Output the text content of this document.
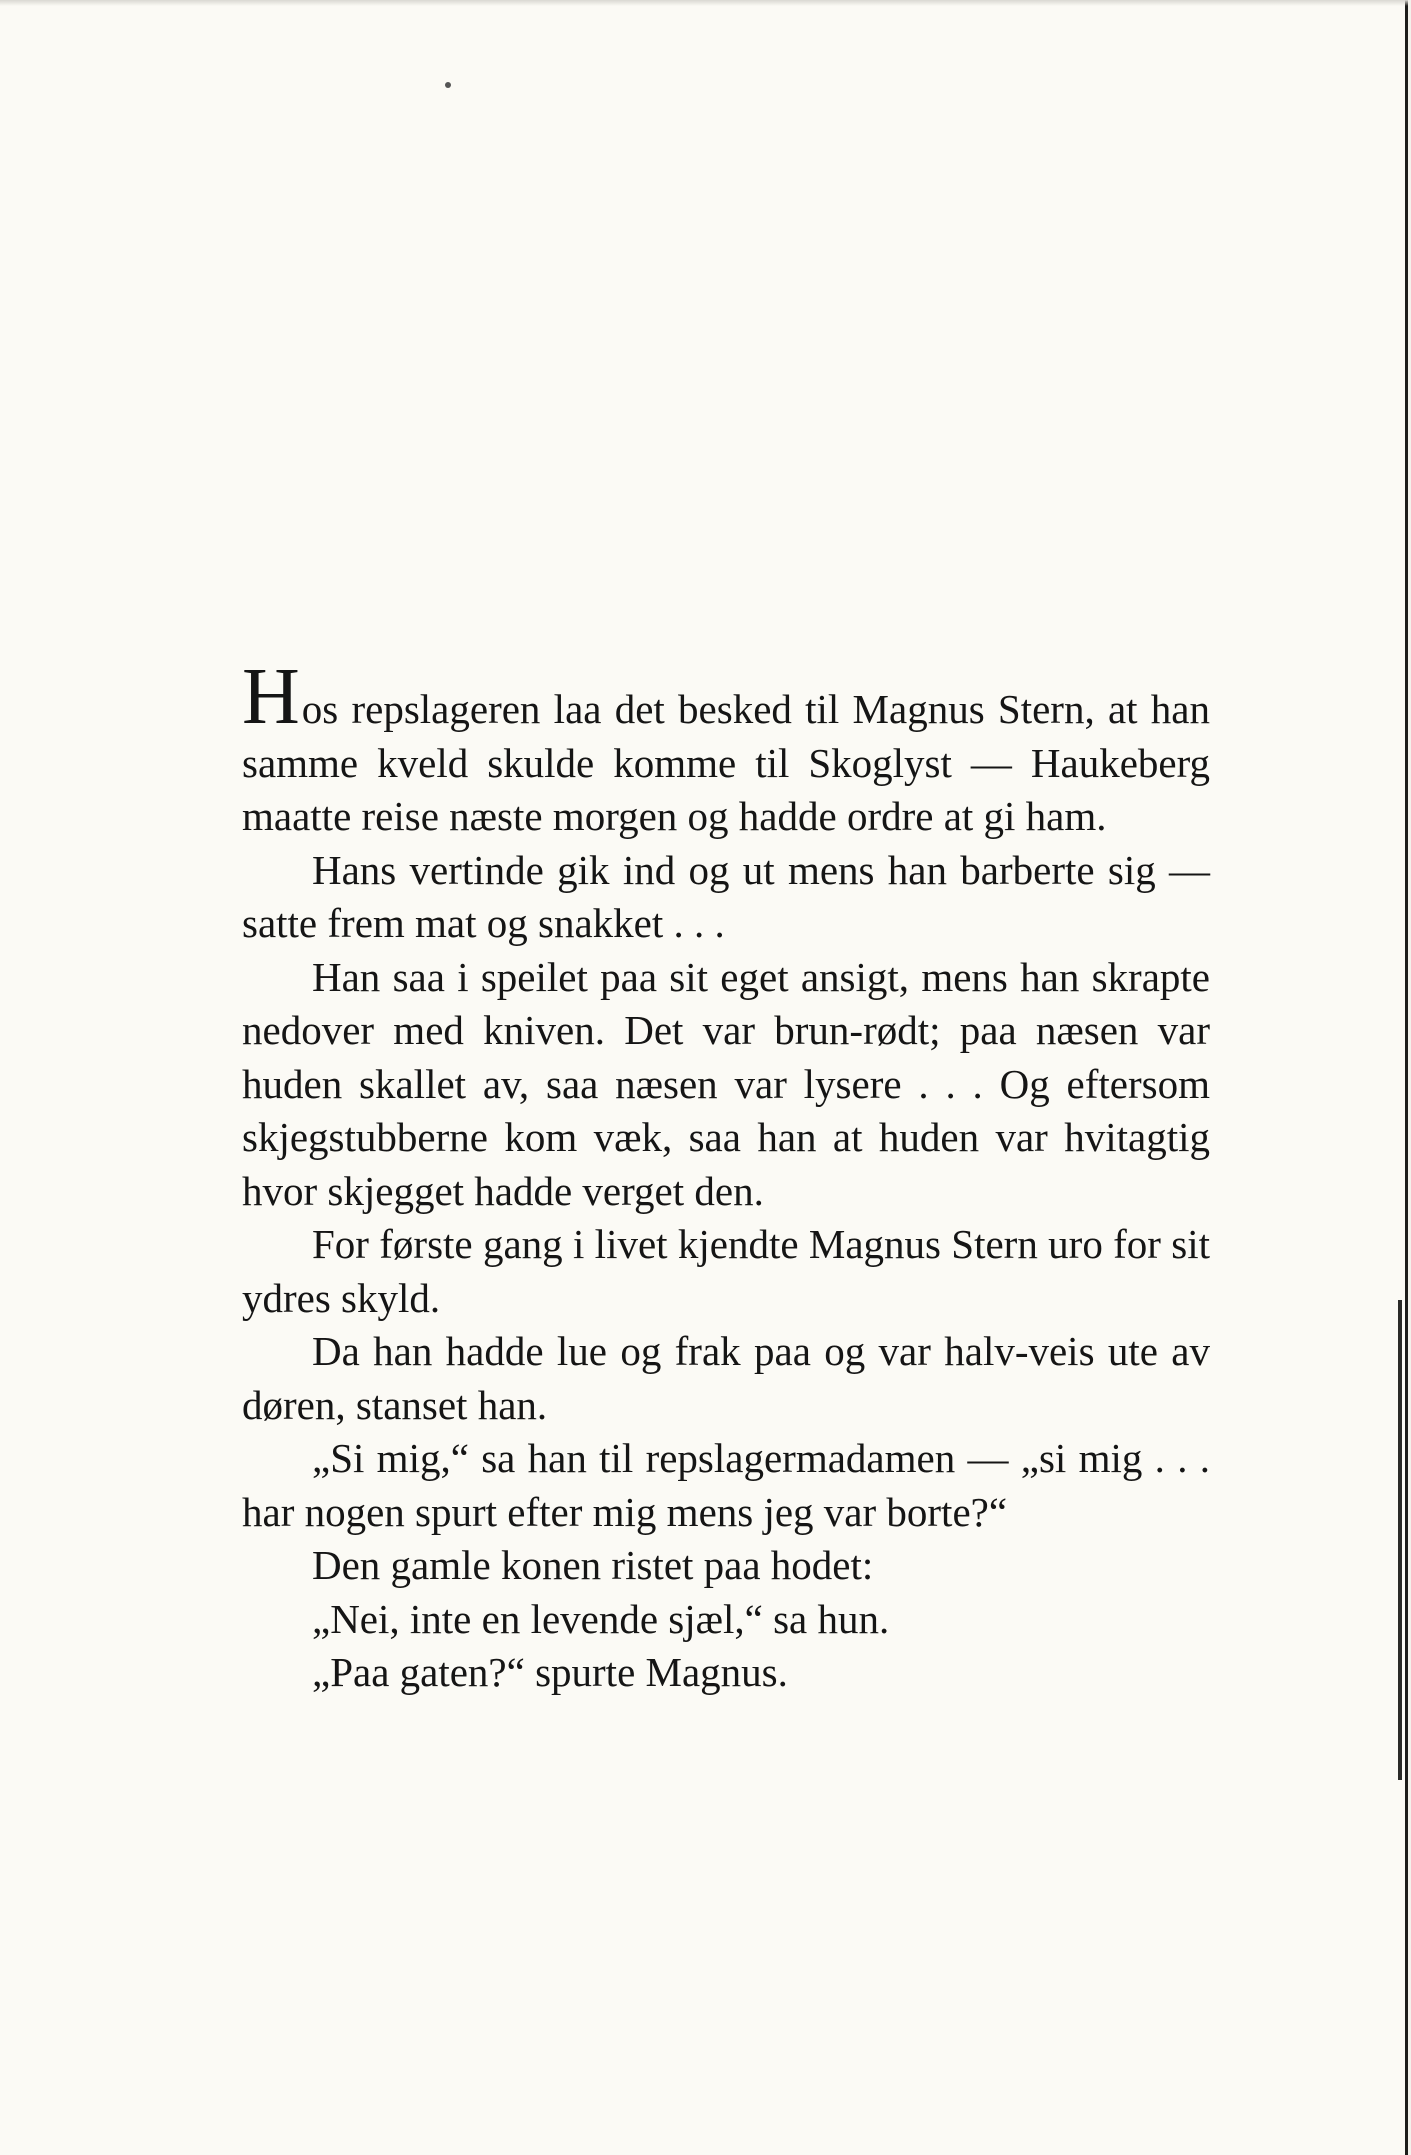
Hos repslageren laa det besked til Magnus Stern, at han samme kveld skulde komme til Skoglyst — Haukeberg maatte reise næste morgen og hadde ordre at gi ham.

Hans vertinde gik ind og ut mens han barberte sig — satte frem mat og snakket . . .

Han saa i speilet paa sit eget ansigt, mens han skrapte nedover med kniven. Det var brun-rødt; paa næsen var huden skallet av, saa næsen var lysere . . . Og eftersom skjegstubberne kom væk, saa han at huden var hvitagtig hvor skjegget hadde verget den.

For første gang i livet kjendte Magnus Stern uro for sit ydres skyld.

Da han hadde lue og frak paa og var halv-veis ute av døren, stanset han.

„Si mig,“ sa han til repslagermadamen — „si mig . . . har nogen spurt efter mig mens jeg var borte?“

Den gamle konen ristet paa hodet:

„Nei, inte en levende sjæl,“ sa hun.

„Paa gaten?“ spurte Magnus.
